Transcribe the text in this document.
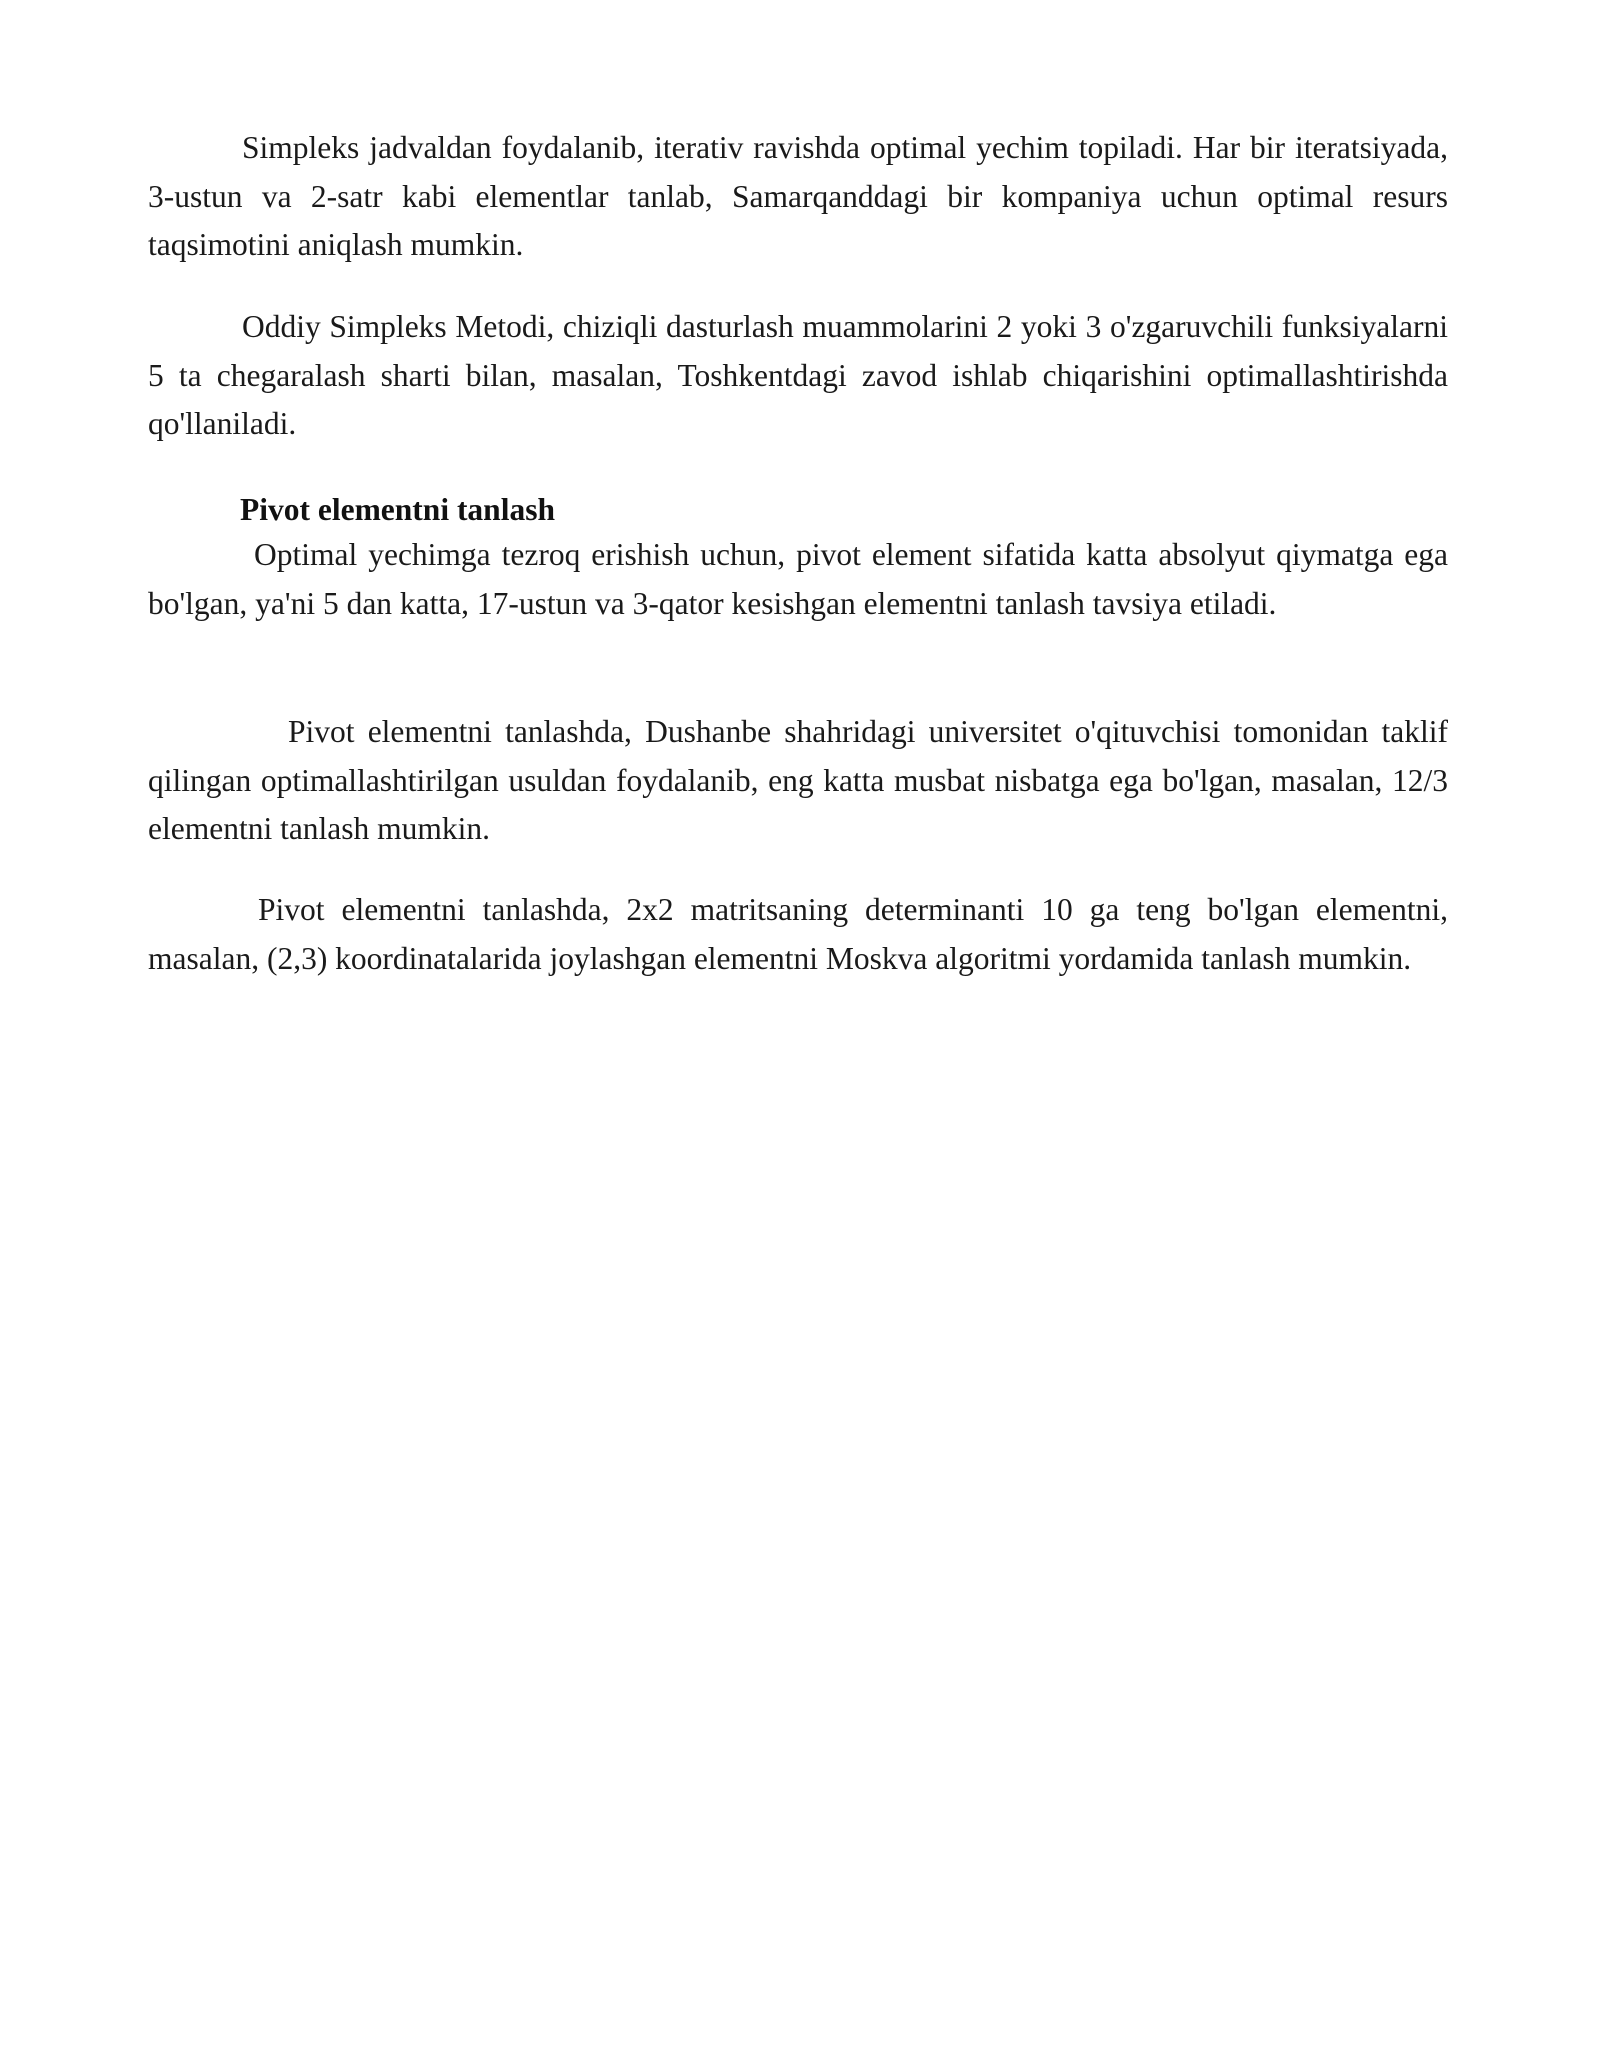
Simpleks jadvaldan foydalanib, iterativ ravishda optimal yechim topiladi. Har bir iteratsiyada, 3-ustun va 2-satr kabi elementlar tanlab, Samarqanddagi bir kompaniya uchun optimal resurs taqsimotini aniqlash mumkin.

Oddiy Simpleks Metodi, chiziqli dasturlash muammolarini 2 yoki 3 o'zgaruvchili funksiyalarni 5 ta chegaralash sharti bilan, masalan, Toshkentdagi zavod ishlab chiqarishini optimallashtirishda qo'llaniladi.

Pivot elementni tanlash

Optimal yechimga tezroq erishish uchun, pivot element sifatida katta absolyut qiymatga ega bo'lgan, ya'ni 5 dan katta, 17-ustun va 3-qator kesishgan elementni tanlash tavsiya etiladi.

Pivot elementni tanlashda, Dushanbe shahridagi universitet o'qituvchisi tomonidan taklif qilingan optimallashtirilgan usuldan foydalanib, eng katta musbat nisbatga ega bo'lgan, masalan, 12/3 elementni tanlash mumkin.

Pivot elementni tanlashda, 2x2 matritsaning determinanti 10 ga teng bo'lgan elementni, masalan, (2,3) koordinatalarida joylashgan elementni Moskva algoritmi yordamida tanlash mumkin.
